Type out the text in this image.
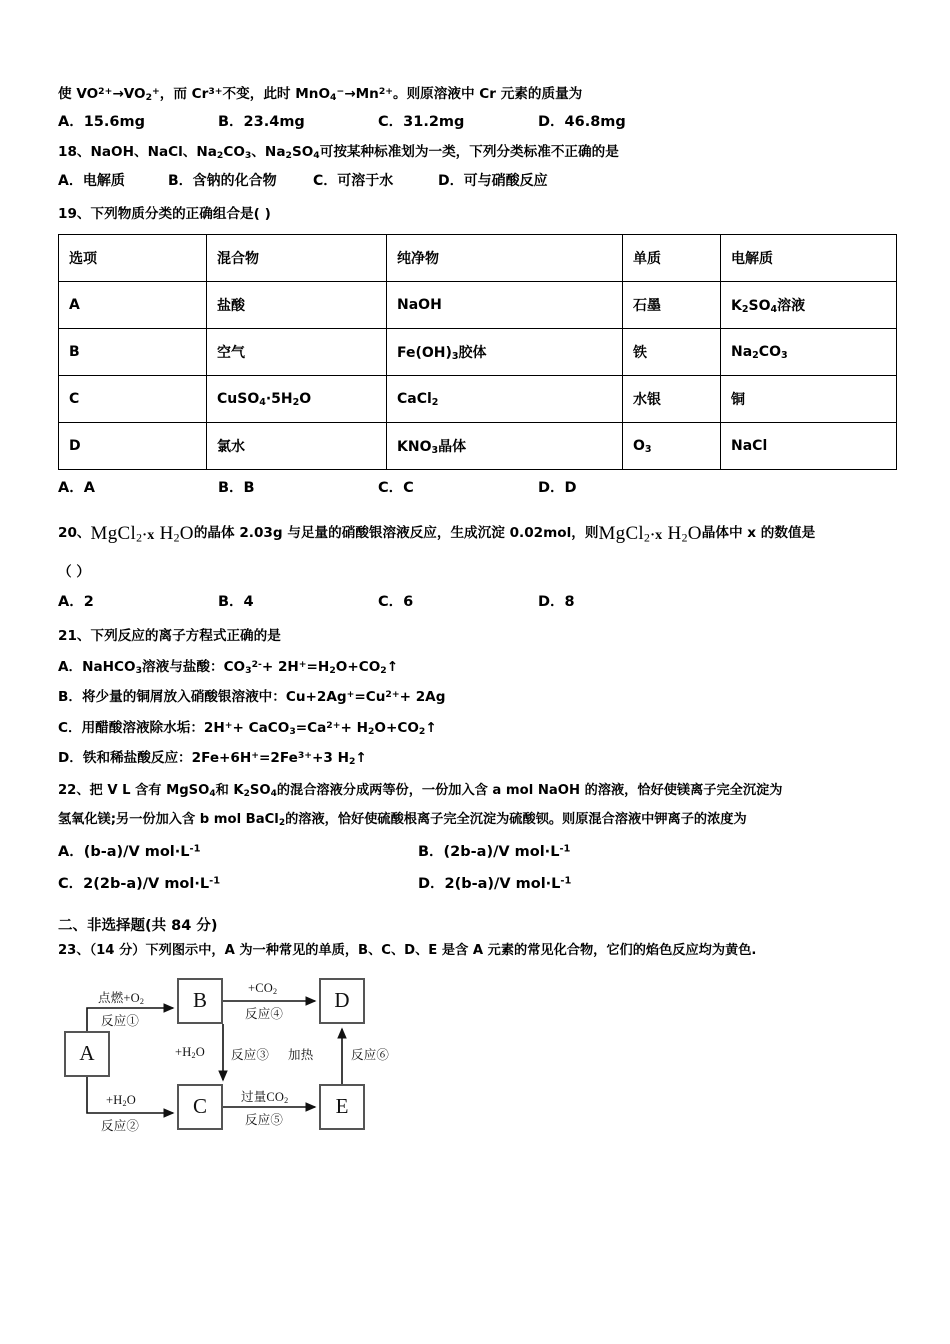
使 $VO^{2+}\to VO_2^+$，而 $Cr^{3+}$不变，此时 $MnO_4^-\to Mn^{2+}$。则原溶液中 Cr 元素的质量为
A．15.6mg	B．23.4mg	C．31.2mg	D．46.8mg
18、NaOH、NaCl、$Na_2CO_3$、$Na_2SO_4$可按某种标准划为一类，下列分类标准不正确的是
A．电解质	B．含钠的化合物	C．可溶于水	D．可与硝酸反应
19、下列物质分类的正确组合是( )
选项	混合物	纯净物	单质	电解质
A	盐酸	NaOH	石墨	$K_2SO_4$溶液
B	空气	$Fe(OH)_3$胶体	铁	$Na_2CO_3$
C	$CuSO_4\cdot 5H_2O$	CaCl$_2$	水银	铜
D	氯水	$KNO_3$晶体	$O_3$	NaCl
A．A	B．B	C．C	D．D
20、MgCl$_2$·x $H_2O$的晶体 2.03g 与足量的硝酸银溶液反应，生成沉淀 0.02mol，则MgCl$_2$·x $H_2O$晶体中 x 的数值是
（ ）
A．2	B．4	C．6	D．8
21、下列反应的离子方程式正确的是
A．NaHCO$_3$溶液与盐酸：$CO_3^{2-}+$ $2H^+=H_2O+CO_2↑$
B．将少量的铜屑放入硝酸银溶液中：$Cu+2Ag^+=Cu^{2+}+ 2Ag$
C．用醋酸溶液除水垢：$2H^++ CaCO_3=Ca^{2+}+$ $H_2O+CO_2↑$
D．铁和稀盐酸反应：$2Fe+6H^+=2Fe^{3+}+3$ $H_2↑$
22、把 V L 含有 MgSO$_4$和 $K_2SO_4$的混合溶液分成两等份，一份加入含 a mol NaOH 的溶液，恰好使镁离子完全沉淀为
氢氧化镁;另一份加入含 b mol BaCl$_2$的溶液，恰好使硫酸根离子完全沉淀为硫酸钡。则原混合溶液中钾离子的浓度为
A．(b-a)/V $mol\cdot L^{-1}$	B．(2b-a)/V $mol\cdot L^{-1}$
C．2(2b-a)/V $mol\cdot L^{-1}$	D．2(b-a)/V $mol\cdot L^{-1}$
二、非选择题(共 84 分)
23、（14 分）下列图示中，A 为一种常见的单质，B、C、D、E 是含 A 元素的常见化合物，它们的焰色反应均为黄色.
A
B
C
D
E
点燃$+O_2$
反应①
$+H_2O$
反应②
$+CO_2$
反应④
$+H_2O$ 反应③
过量$CO_2$
反应⑤
加热	反应⑥
